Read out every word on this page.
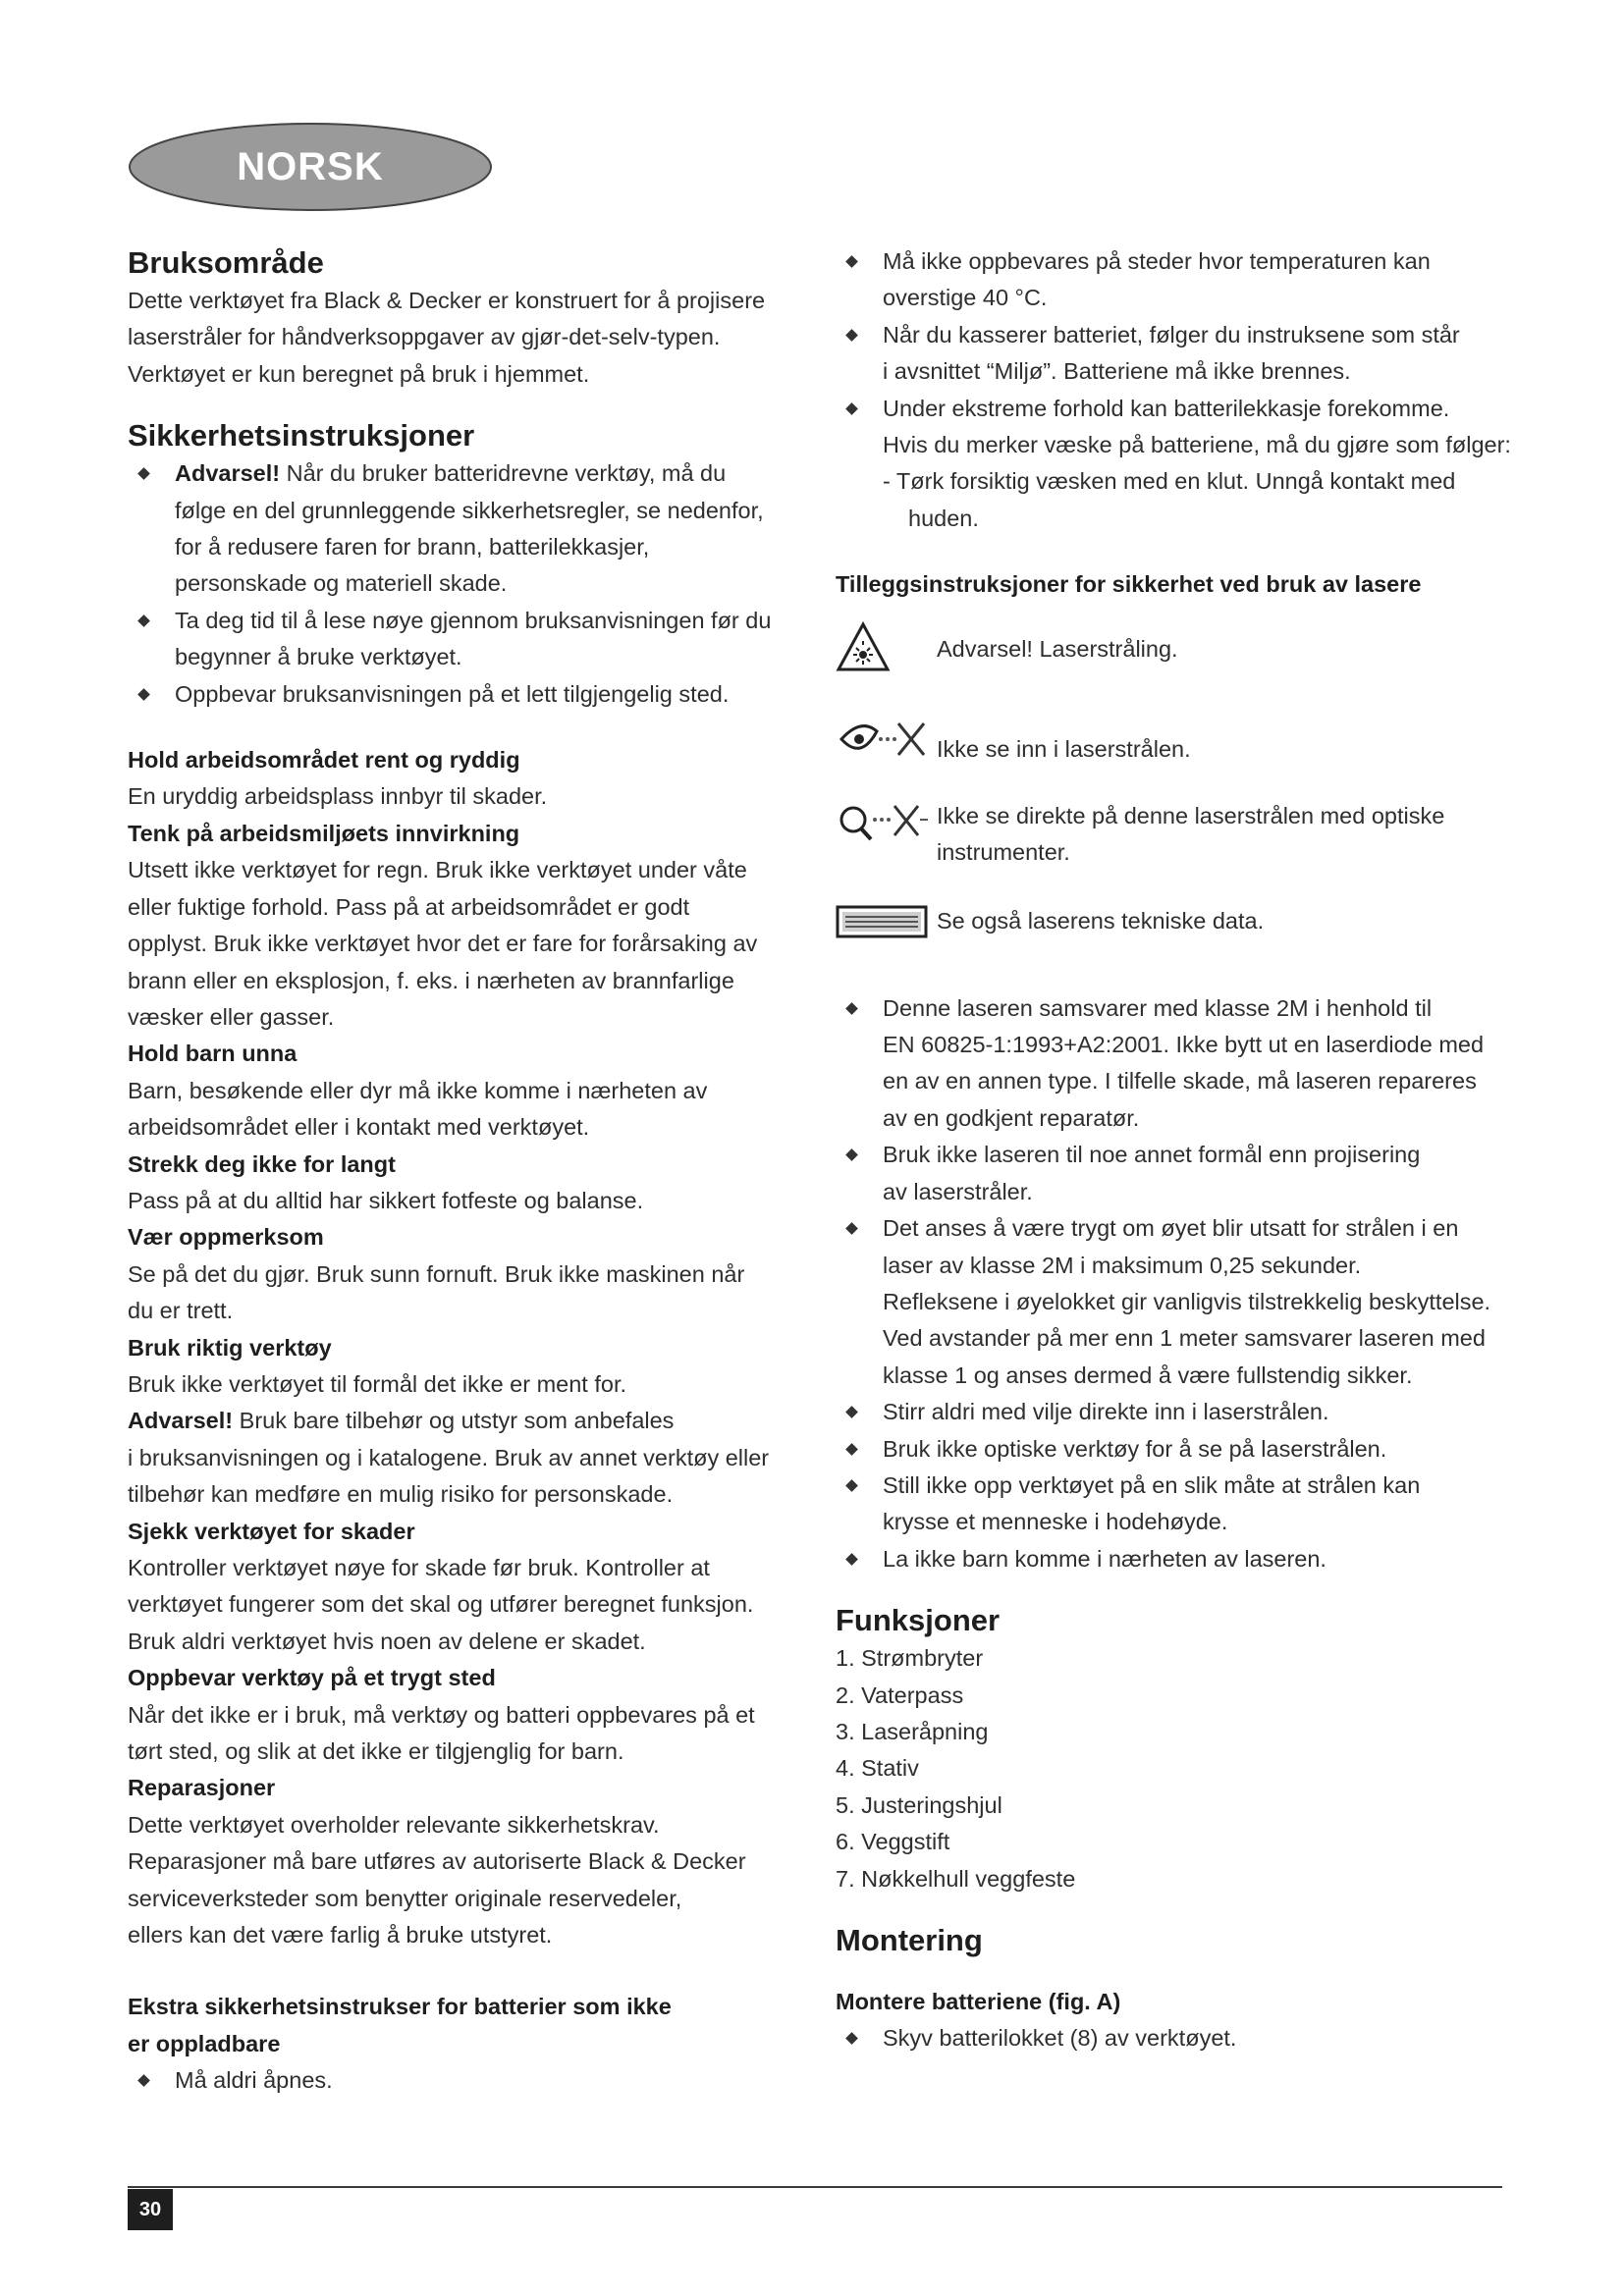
NORSK
Bruksområde

Dette verktøyet fra Black & Decker er konstruert for å projisere

laserstråler for håndverksoppgaver av gjør-det-selv-typen.

Verktøyet er kun beregnet på bruk i hjemmet.

Sikkerhetsinstruksjoner
Advarsel! Når du bruker batteridrevne verktøy, må du
følge en del grunnleggende sikkerhetsregler, se nedenfor,
for å redusere faren for brann, batterilekkasjer,
personskade og materiell skade.
Ta deg tid til å lese nøye gjennom bruksanvisningen før du
begynner å bruke verktøyet.
Oppbevar bruksanvisningen på et lett tilgjengelig sted.
Hold arbeidsområdet rent og ryddig

En uryddig arbeidsplass innbyr til skader.

Tenk på arbeidsmiljøets innvirkning

Utsett ikke verktøyet for regn. Bruk ikke verktøyet under våte

eller fuktige forhold. Pass på at arbeidsområdet er godt

opplyst. Bruk ikke verktøyet hvor det er fare for forårsaking av

brann eller en eksplosjon, f. eks. i nærheten av brannfarlige

væsker eller gasser.

Hold barn unna

Barn, besøkende eller dyr må ikke komme i nærheten av

arbeidsområdet eller i kontakt med verktøyet.

Strekk deg ikke for langt

Pass på at du alltid har sikkert fotfeste og balanse.

Vær oppmerksom

Se på det du gjør. Bruk sunn fornuft. Bruk ikke maskinen når

du er trett.

Bruk riktig verktøy

Bruk ikke verktøyet til formål det ikke er ment for.

Advarsel! Bruk bare tilbehør og utstyr som anbefales

i bruksanvisningen og i katalogene. Bruk av annet verktøy eller

tilbehør kan medføre en mulig risiko for personskade.

Sjekk verktøyet for skader

Kontroller verktøyet nøye for skade før bruk. Kontroller at

verktøyet fungerer som det skal og utfører beregnet funksjon.

Bruk aldri verktøyet hvis noen av delene er skadet.

Oppbevar verktøy på et trygt sted

Når det ikke er i bruk, må verktøy og batteri oppbevares på et

tørt sted, og slik at det ikke er tilgjenglig for barn.

Reparasjoner

Dette verktøyet overholder relevante sikkerhetskrav.

Reparasjoner må bare utføres av autoriserte Black & Decker

serviceverksteder som benytter originale reservedeler,

ellers kan det være farlig å bruke utstyret.

Ekstra sikkerhetsinstrukser for batterier som ikke
er oppladbare
Må aldri åpnes.
Må ikke oppbevares på steder hvor temperaturen kan
overstige 40 °C.
Når du kasserer batteriet, følger du instruksene som står
i avsnittet “Miljø”. Batteriene må ikke brennes.
Under ekstreme forhold kan batterilekkasje forekomme.
Hvis du merker væske på batteriene, må du gjøre som følger:
- Tørk forsiktig væsken med en klut. Unngå kontakt med
huden.
Tilleggsinstruksjoner for sikkerhet ved bruk av lasere
Advarsel! Laserstråling.
Ikke se inn i laserstrålen.
Ikke se direkte på denne laserstrålen med optiske
instrumenter.
Se også laserens tekniske data.
Denne laseren samsvarer med klasse 2M i henhold til
EN 60825-1:1993+A2:2001. Ikke bytt ut en laserdiode med
en av en annen type. I tilfelle skade, må laseren repareres
av en godkjent reparatør.
Bruk ikke laseren til noe annet formål enn projisering
av laserstråler.
Det anses å være trygt om øyet blir utsatt for strålen i en
laser av klasse 2M i maksimum 0,25 sekunder.
Refleksene i øyelokket gir vanligvis tilstrekkelig beskyttelse.
Ved avstander på mer enn 1 meter samsvarer laseren med
klasse 1 og anses dermed å være fullstendig sikker.
Stirr aldri med vilje direkte inn i laserstrålen.
Bruk ikke optiske verktøy for å se på laserstrålen.
Still ikke opp verktøyet på en slik måte at strålen kan
krysse et menneske i hodehøyde.
La ikke barn komme i nærheten av laseren.
Funksjoner
1. Strømbryter
2. Vaterpass
3. Laseråpning
4. Stativ
5. Justeringshjul
6. Veggstift
7. Nøkkelhull veggfeste
Montering
Montere batteriene (fig. A)
Skyv batterilokket (8) av verktøyet.
30
